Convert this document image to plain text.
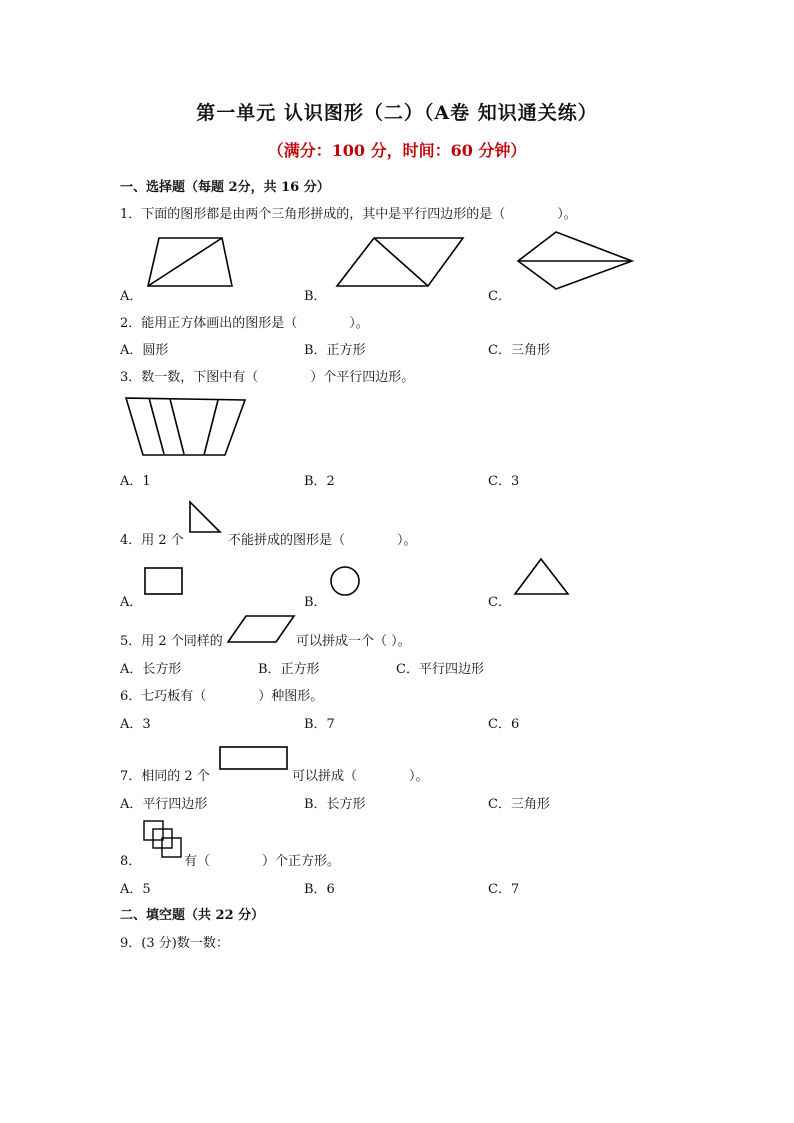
第一单元 认识图形（二）（A卷 知识通关练）
（满分：100 分，时间：60 分钟）
一、选择题（每题 2分，共 16 分）
1．下面的图形都是由两个三角形拼成的，其中是平行四边形的是（　　　　）。
A．	B．	C．
2．能用正方体画出的图形是（　　　　）。
A．圆形	B．正方形	C．三角形
3．数一数，下图中有（　　　　）个平行四边形。
A．1	B．2	C．3
4．用 2 个	不能拼成的图形是（　　　　）。
A．	B．	C．
5．用 2 个同样的	可以拼成一个（ ）。
A．长方形	B．正方形	C．平行四边形
6．七巧板有（　　　　）种图形。
A．3	B．7	C．6
7．相同的 2 个	可以拼成（　　　　）。
A．平行四边形	B．长方形	C．三角形
8．	有（　　　　）个正方形。
A．5	B．6	C．7
二、填空题（共 22 分）
9．(3 分)数一数：
